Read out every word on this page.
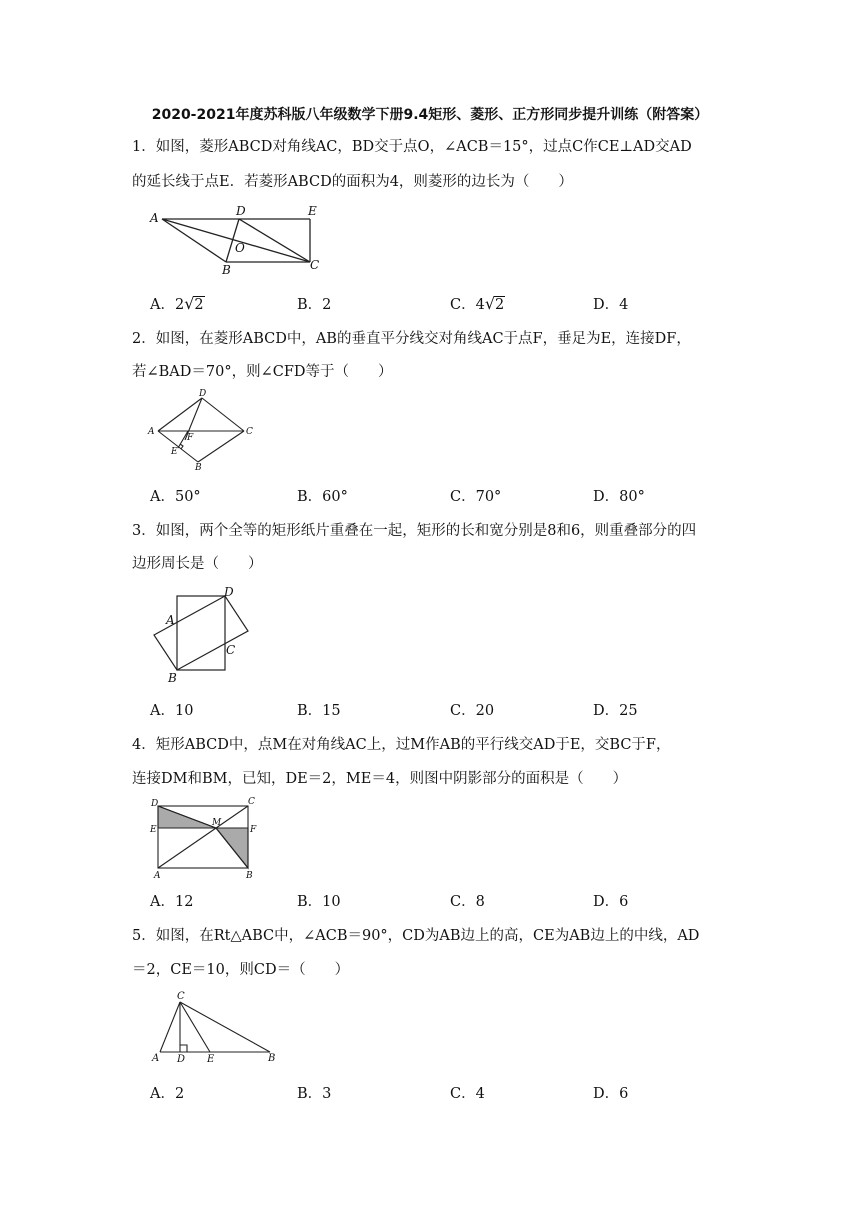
2020-2021年度苏科版八年级数学下册9.4矩形、菱形、正方形同步提升训练（附答案）
1．如图，菱形ABCD对角线AC，BD交于点O，∠ACB＝15°，过点C作CE⊥AD交AD
的延长线于点E．若菱形ABCD的面积为4，则菱形的边长为（　　）
A	D	E
O
B	C
A．2√2	B．2	C．4√2	D．4
2．如图，在菱形ABCD中，AB的垂直平分线交对角线AC于点F，垂足为E，连接DF，
若∠BAD＝70°，则∠CFD等于（　　）
D
A
F
C
E
B
A．50°	B．60°	C．70°	D．80°
3．如图，两个全等的矩形纸片重叠在一起，矩形的长和宽分别是8和6，则重叠部分的四
边形周长是（　　）
D
A
C
B
A．10	B．15	C．20	D．25
4．矩形ABCD中，点M在对角线AC上，过M作AB的平行线交AD于E，交BC于F，
连接DM和BM，已知，DE＝2，ME＝4，则图中阴影部分的面积是（　　）
D	C
E
M
F
A	B
A．12	B．10	C．8	D．6
5．如图，在Rt△ABC中，∠ACB＝90°，CD为AB边上的高，CE为AB边上的中线，AD
＝2，CE＝10，则CD＝（　　）
C
A D E	B
A．2	B．3	C．4	D．6
